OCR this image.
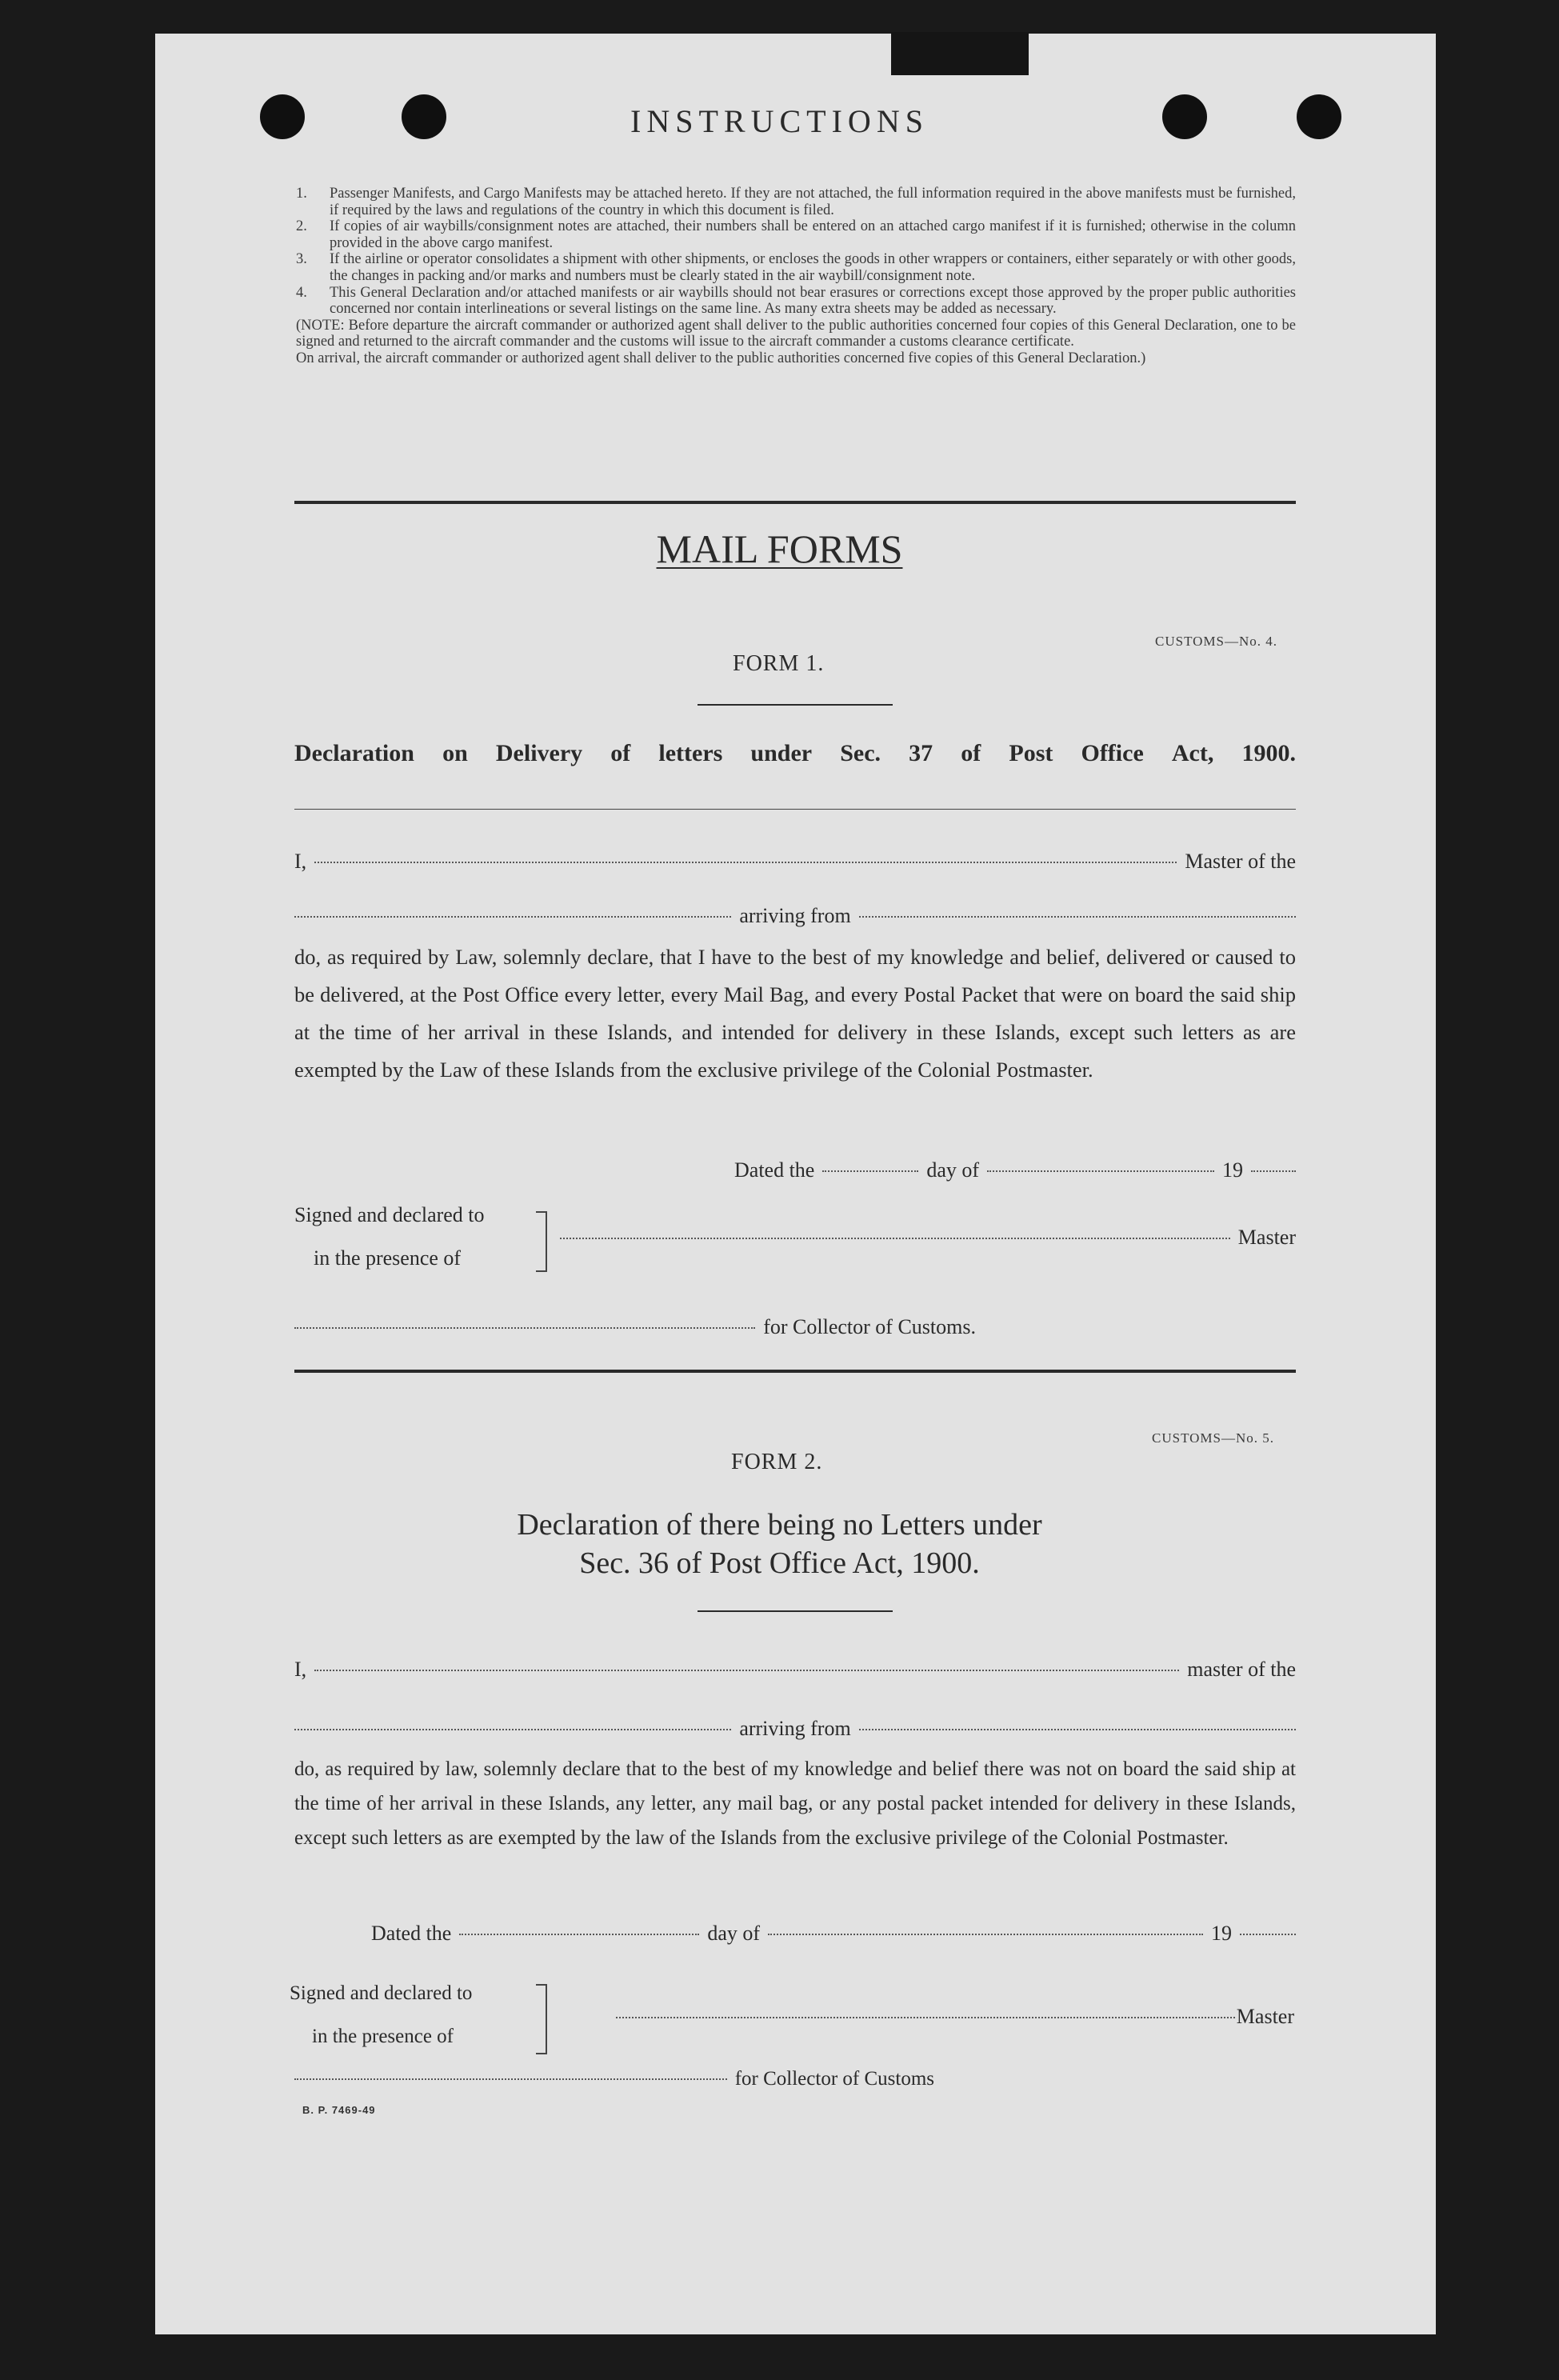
INSTRUCTIONS
1. Passenger Manifests, and Cargo Manifests may be attached hereto. If they are not attached, the full information required in the above manifests must be furnished, if required by the laws and regulations of the country in which this document is filed.
2. If copies of air waybills/consignment notes are attached, their numbers shall be entered on an attached cargo manifest if it is furnished; otherwise in the column provided in the above cargo manifest.
3. If the airline or operator consolidates a shipment with other shipments, or encloses the goods in other wrappers or containers, either separately or with other goods, the changes in packing and/or marks and numbers must be clearly stated in the air waybill/consignment note.
4. This General Declaration and/or attached manifests or air waybills should not bear erasures or corrections except those approved by the proper public authorities concerned nor contain interlineations or several listings on the same line. As many extra sheets may be added as necessary.
(NOTE: Before departure the aircraft commander or authorized agent shall deliver to the public authorities concerned four copies of this General Declaration, one to be signed and returned to the aircraft commander and the customs will issue to the aircraft commander a customs clearance certificate.
On arrival, the aircraft commander or authorized agent shall deliver to the public authorities concerned five copies of this General Declaration.)
MAIL FORMS
CUSTOMS—No. 4.
FORM 1.
Declaration on Delivery of letters under Sec. 37 of Post Office Act, 1900.
I,	Master of the
arriving from
do, as required by Law, solemnly declare, that I have to the best of my knowledge and belief, delivered or caused to be delivered, at the Post Office every letter, every Mail Bag, and every Postal Packet that were on board the said ship at the time of her arrival in these Islands, and intended for delivery in these Islands, except such letters as are exempted by the Law of these Islands from the exclusive privilege of the Colonial Postmaster.
Dated the	day of	19
Signed and declared to
in the presence of
Master
for Collector of Customs.
CUSTOMS—No. 5.
FORM 2.
Declaration of there being no Letters under
Sec. 36 of Post Office Act, 1900.
I,	master of the
arriving from
do, as required by law, solemnly declare that to the best of my knowledge and belief there was not on board the said ship at the time of her arrival in these Islands, any letter, any mail bag, or any postal packet intended for delivery in these Islands, except such letters as are exempted by the law of the Islands from the exclusive privilege of the Colonial Postmaster.
Dated the	day of	19
Signed and declared to
in the presence of
Master
for Collector of Customs
B. P. 7469-49
